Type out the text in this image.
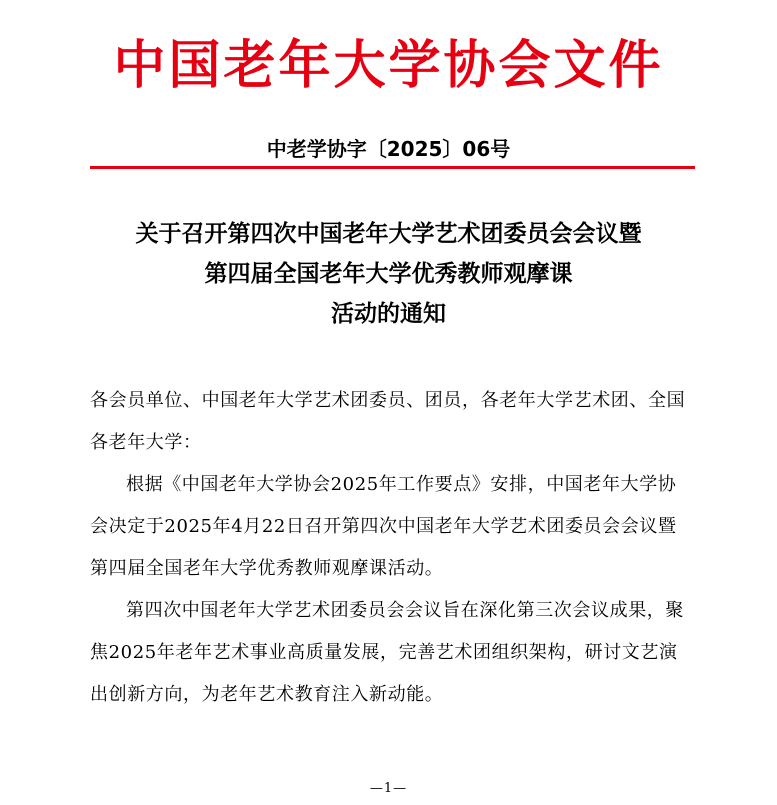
中国老年大学协会文件
中老学协字〔2025〕06号
关于召开第四次中国老年大学艺术团委员会会议暨
第四届全国老年大学优秀教师观摩课
活动的通知

各会员单位、中国老年大学艺术团委员、团员，各老年大学艺术团、全国各老年大学：

根据《中国老年大学协会2025年工作要点》安排，中国老年大学协会决定于2025年4月22日召开第四次中国老年大学艺术团委员会会议暨第四届全国老年大学优秀教师观摩课活动。

第四次中国老年大学艺术团委员会会议旨在深化第三次会议成果，聚焦2025年老年艺术事业高质量发展，完善艺术团组织架构，研讨文艺演出创新方向，为老年艺术教育注入新动能。

—1—
